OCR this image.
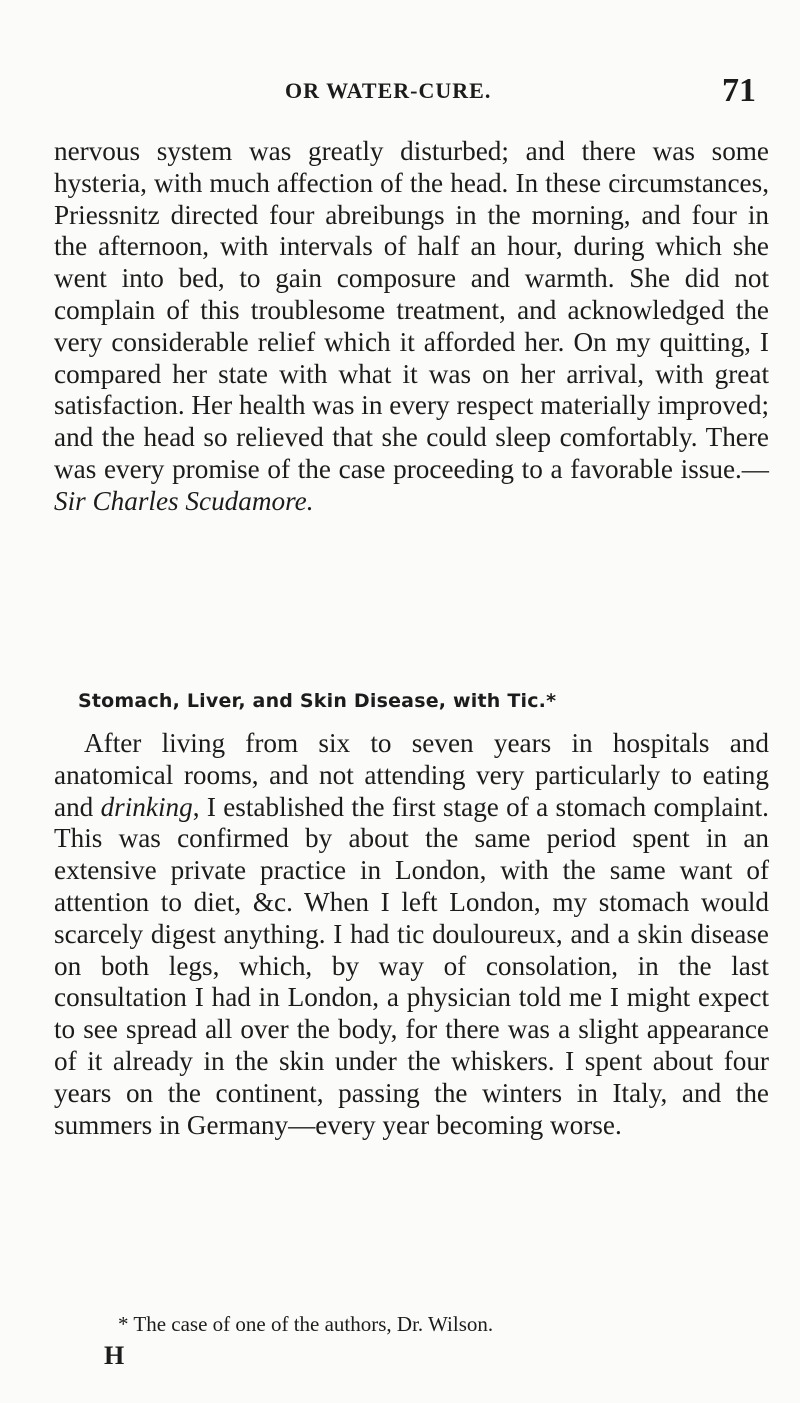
OR WATER-CURE.	71

nervous system was greatly disturbed; and there was some hysteria, with much affection of the head. In these circumstances, Priessnitz directed four abreibungs in the morning, and four in the afternoon, with intervals of half an hour, during which she went into bed, to gain composure and warmth. She did not complain of this troublesome treatment, and acknowledged the very considerable relief which it afforded her. On my quitting, I compared her state with what it was on her arrival, with great satisfaction. Her health was in every respect materially improved; and the head so relieved that she could sleep comfortably. There was every promise of the case proceeding to a favorable issue.—Sir Charles Scudamore.

Stomach, Liver, and Skin Disease, with Tic.*

After living from six to seven years in hospitals and anatomical rooms, and not attending very particularly to eating and drinking, I established the first stage of a stomach complaint. This was confirmed by about the same period spent in an extensive private practice in London, with the same want of attention to diet, &c. When I left London, my stomach would scarcely digest anything. I had tic douloureux, and a skin disease on both legs, which, by way of consolation, in the last consultation I had in London, a physician told me I might expect to see spread all over the body, for there was a slight appearance of it already in the skin under the whiskers. I spent about four years on the continent, passing the winters in Italy, and the summers in Germany—every year becoming worse.

* The case of one of the authors, Dr. Wilson.
H
